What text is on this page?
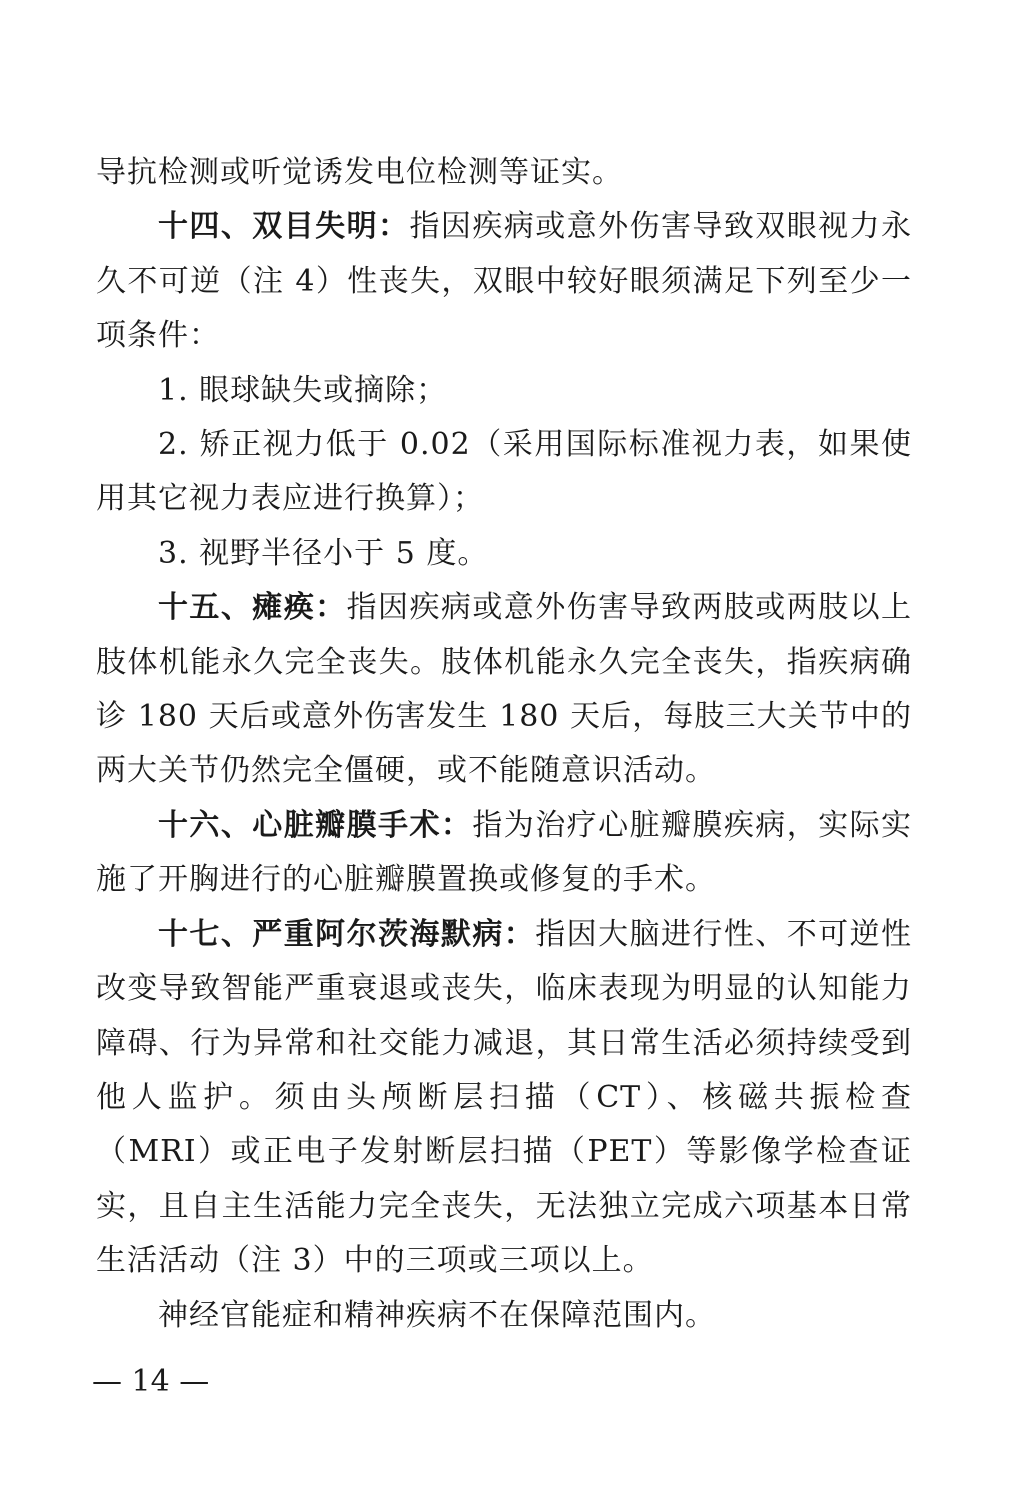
导抗检测或听觉诱发电位检测等证实。

十四、双目失明：指因疾病或意外伤害导致双眼视力永久不可逆（注 4）性丧失，双眼中较好眼须满足下列至少一项条件：

1. 眼球缺失或摘除；

2. 矫正视力低于 0.02（采用国际标准视力表，如果使用其它视力表应进行换算）；

3. 视野半径小于 5 度。

十五、瘫痪：指因疾病或意外伤害导致两肢或两肢以上肢体机能永久完全丧失。肢体机能永久完全丧失，指疾病确诊 180 天后或意外伤害发生 180 天后，每肢三大关节中的两大关节仍然完全僵硬，或不能随意识活动。

十六、心脏瓣膜手术：指为治疗心脏瓣膜疾病，实际实施了开胸进行的心脏瓣膜置换或修复的手术。

十七、严重阿尔茨海默病：指因大脑进行性、不可逆性改变导致智能严重衰退或丧失，临床表现为明显的认知能力障碍、行为异常和社交能力减退，其日常生活必须持续受到他人监护。须由头颅断层扫描（CT）、核磁共振检查（MRI）或正电子发射断层扫描（PET）等影像学检查证实，且自主生活能力完全丧失，无法独立完成六项基本日常生活活动（注 3）中的三项或三项以上。

神经官能症和精神疾病不在保障范围内。

— 14 —
